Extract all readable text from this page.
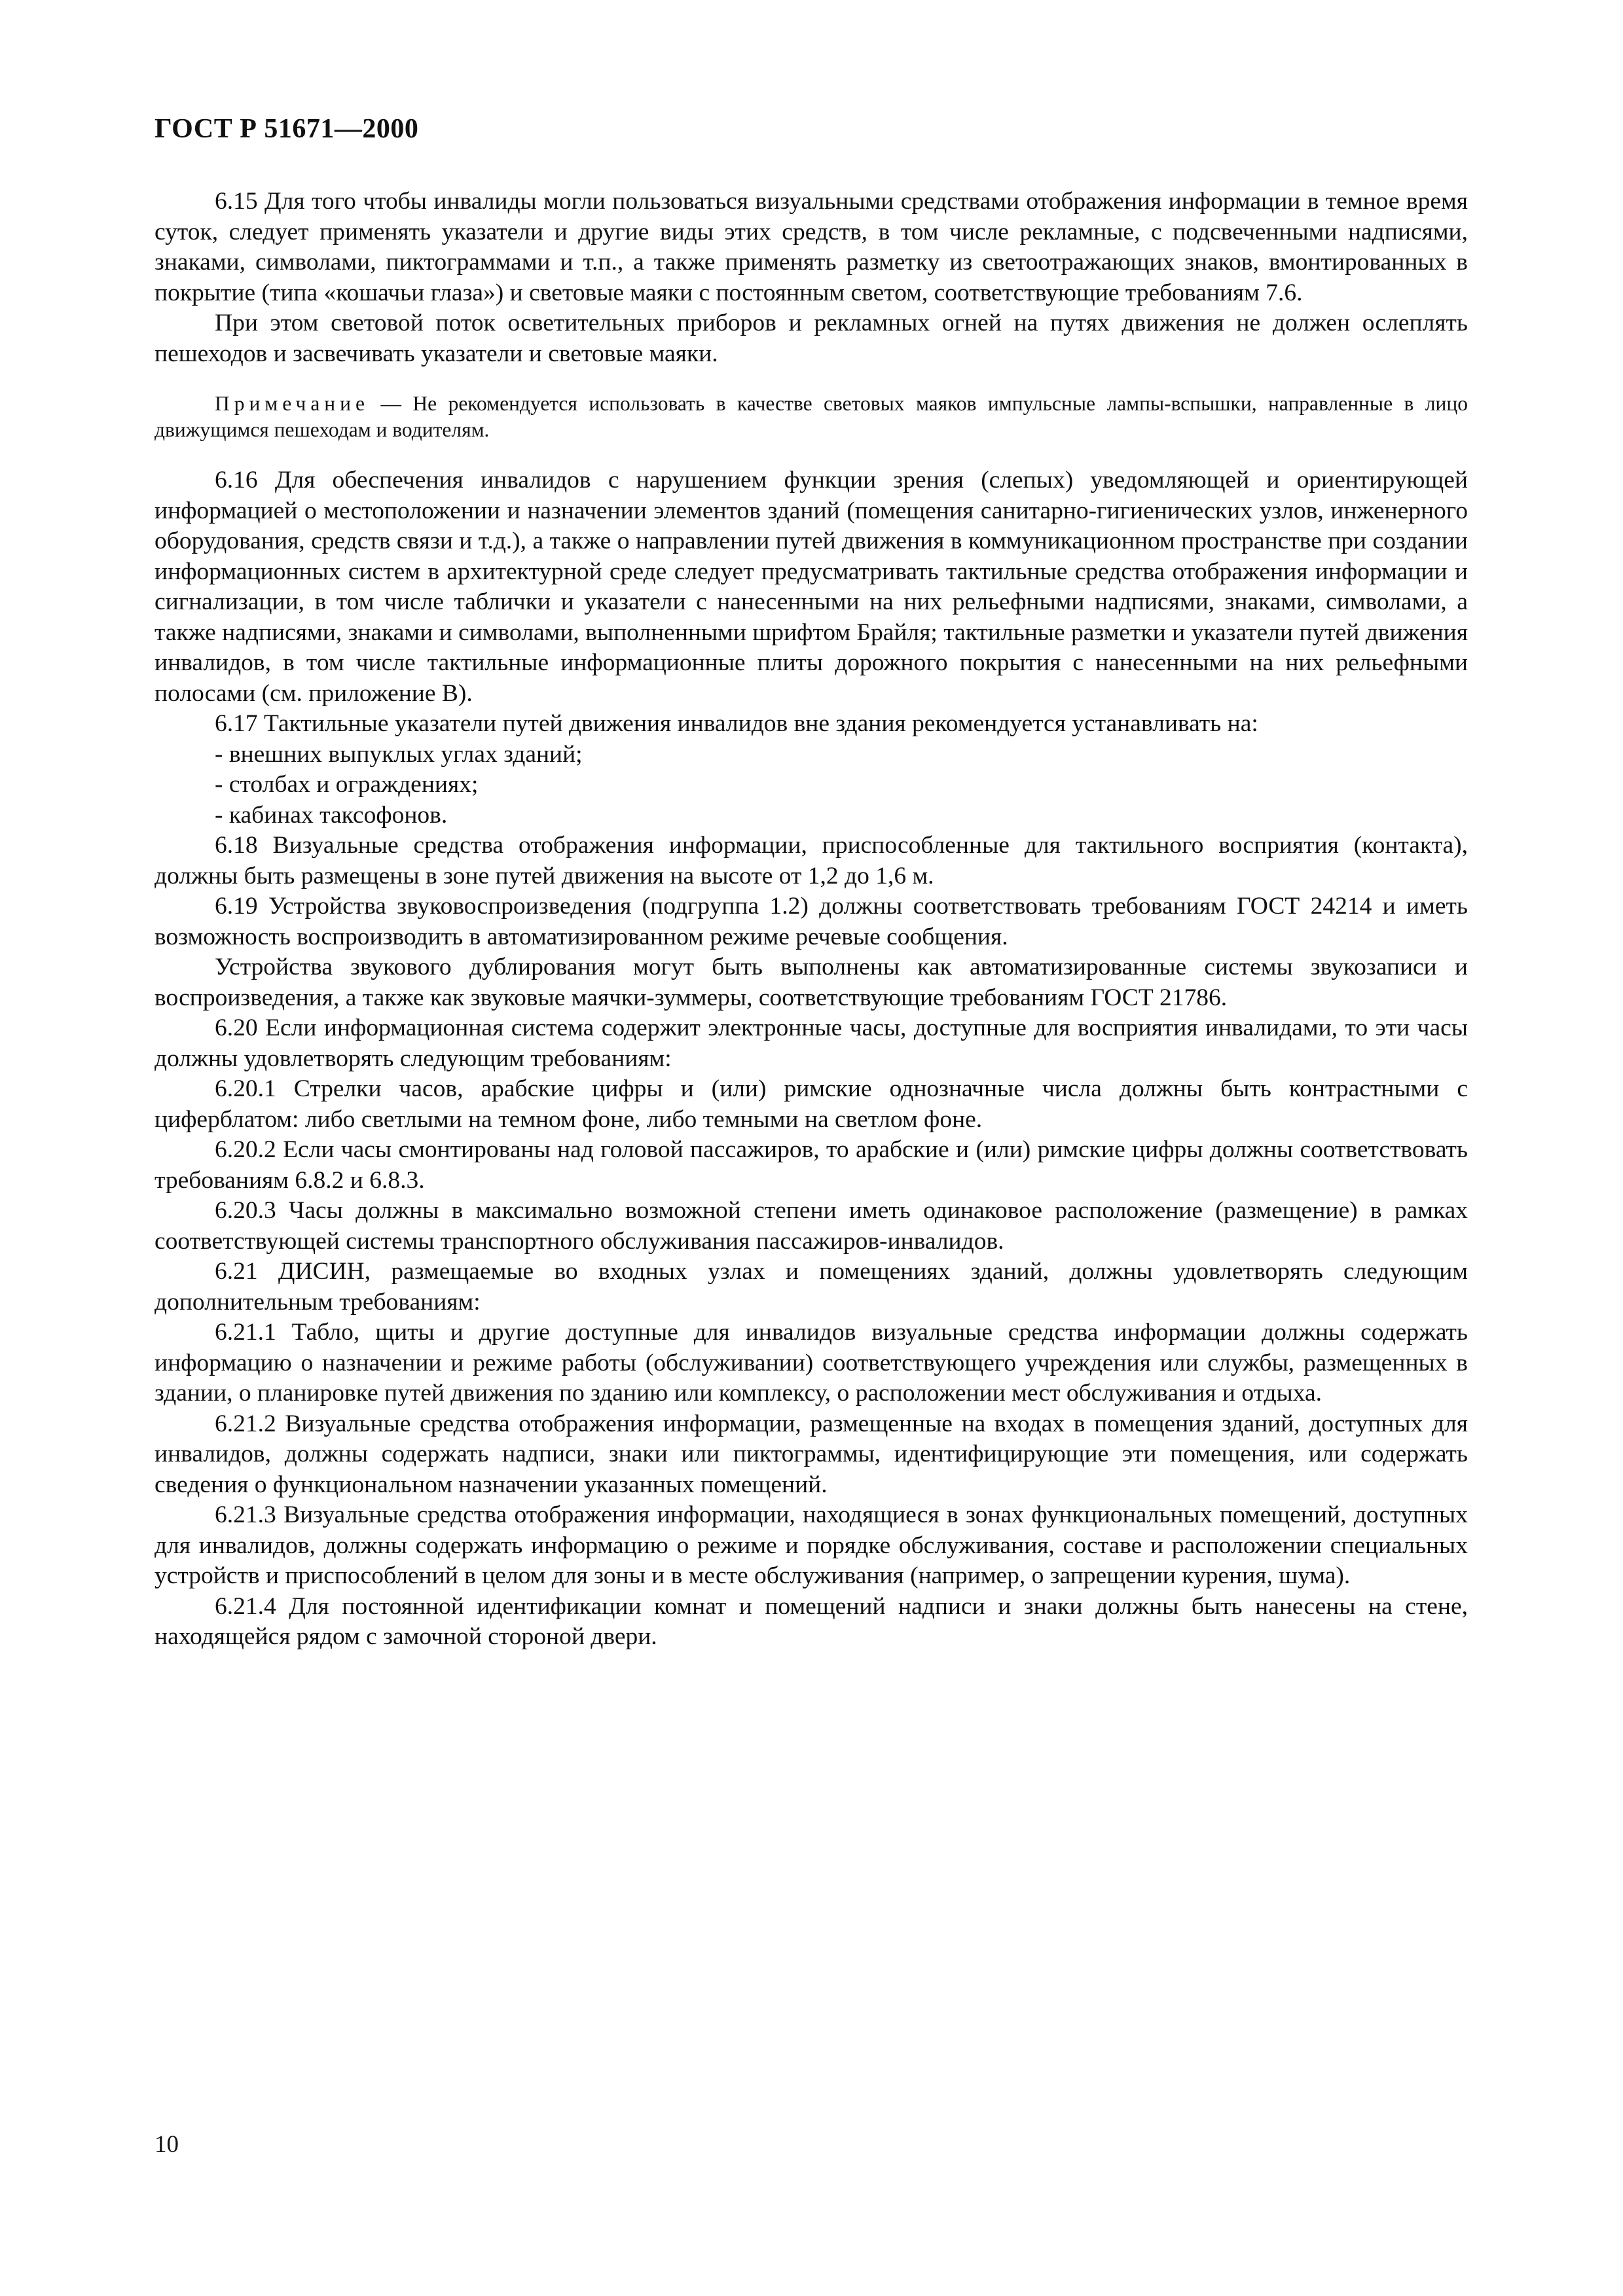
ГОСТ Р 51671—2000

6.15 Для того чтобы инвалиды могли пользоваться визуальными средствами отображения информации в темное время суток, следует применять указатели и другие виды этих средств, в том числе рекламные, с подсвеченными надписями, знаками, символами, пиктограммами и т.п., а также применять разметку из светоотражающих знаков, вмонтированных в покрытие (типа «кошачьи глаза») и световые маяки с постоянным светом, соответствующие требованиям 7.6.

При этом световой поток осветительных приборов и рекламных огней на путях движения не должен ослеплять пешеходов и засвечивать указатели и световые маяки.

Примечание — Не рекомендуется использовать в качестве световых маяков импульсные лампы-вспышки, направленные в лицо движущимся пешеходам и водителям.

6.16 Для обеспечения инвалидов с нарушением функции зрения (слепых) уведомляющей и ориентирующей информацией о местоположении и назначении элементов зданий (помещения санитарно-гигиенических узлов, инженерного оборудования, средств связи и т.д.), а также о направлении путей движения в коммуникационном пространстве при создании информационных систем в архитектурной среде следует предусматривать тактильные средства отображения информации и сигнализации, в том числе таблички и указатели с нанесенными на них рельефными надписями, знаками, символами, а также надписями, знаками и символами, выполненными шрифтом Брайля; тактильные разметки и указатели путей движения инвалидов, в том числе тактильные информационные плиты дорожного покрытия с нанесенными на них рельефными полосами (см. приложение В).

6.17 Тактильные указатели путей движения инвалидов вне здания рекомендуется устанавливать на:

- внешних выпуклых углах зданий;

- столбах и ограждениях;

- кабинах таксофонов.

6.18 Визуальные средства отображения информации, приспособленные для тактильного восприятия (контакта), должны быть размещены в зоне путей движения на высоте от 1,2 до 1,6 м.

6.19 Устройства звуковоспроизведения (подгруппа 1.2) должны соответствовать требованиям ГОСТ 24214 и иметь возможность воспроизводить в автоматизированном режиме речевые сообщения.

Устройства звукового дублирования могут быть выполнены как автоматизированные системы звукозаписи и воспроизведения, а также как звуковые маячки-зуммеры, соответствующие требованиям ГОСТ 21786.

6.20 Если информационная система содержит электронные часы, доступные для восприятия инвалидами, то эти часы должны удовлетворять следующим требованиям:

6.20.1 Стрелки часов, арабские цифры и (или) римские однозначные числа должны быть контрастными с циферблатом: либо светлыми на темном фоне, либо темными на светлом фоне.

6.20.2 Если часы смонтированы над головой пассажиров, то арабские и (или) римские цифры должны соответствовать требованиям 6.8.2 и 6.8.3.

6.20.3 Часы должны в максимально возможной степени иметь одинаковое расположение (размещение) в рамках соответствующей системы транспортного обслуживания пассажиров-инвалидов.

6.21 ДИСИН, размещаемые во входных узлах и помещениях зданий, должны удовлетворять следующим дополнительным требованиям:

6.21.1 Табло, щиты и другие доступные для инвалидов визуальные средства информации должны содержать информацию о назначении и режиме работы (обслуживании) соответствующего учреждения или службы, размещенных в здании, о планировке путей движения по зданию или комплексу, о расположении мест обслуживания и отдыха.

6.21.2 Визуальные средства отображения информации, размещенные на входах в помещения зданий, доступных для инвалидов, должны содержать надписи, знаки или пиктограммы, идентифицирующие эти помещения, или содержать сведения о функциональном назначении указанных помещений.

6.21.3 Визуальные средства отображения информации, находящиеся в зонах функциональных помещений, доступных для инвалидов, должны содержать информацию о режиме и порядке обслуживания, составе и расположении специальных устройств и приспособлений в целом для зоны и в месте обслуживания (например, о запрещении курения, шума).

6.21.4 Для постоянной идентификации комнат и помещений надписи и знаки должны быть нанесены на стене, находящейся рядом с замочной стороной двери.

10
